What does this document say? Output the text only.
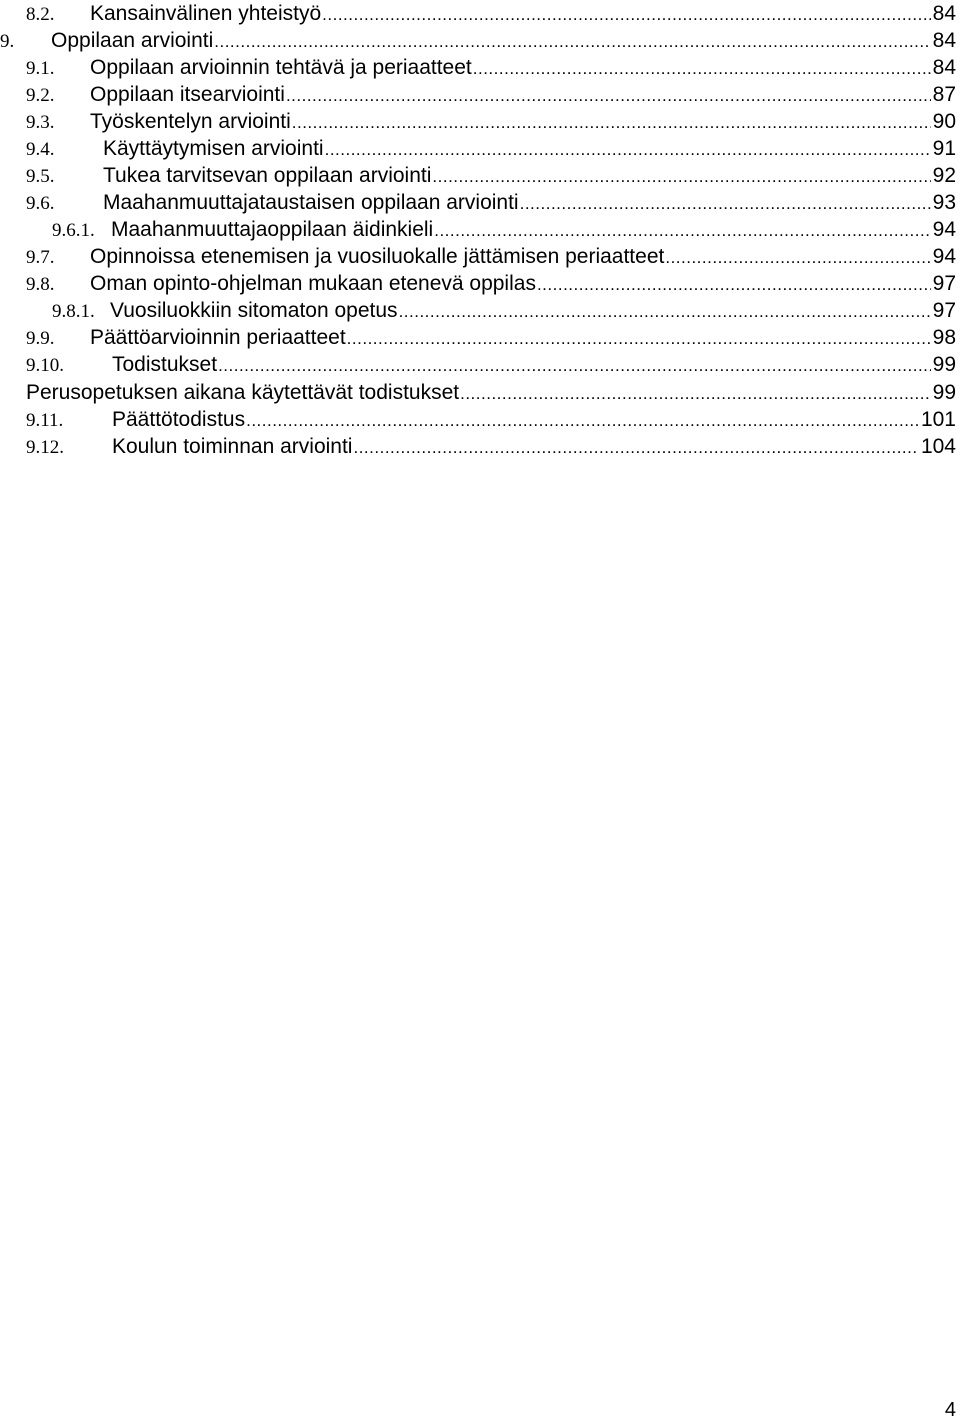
8.2.	Kansainvälinen yhteistyö .....	84
9.	Oppilaan arviointi .....	84
9.1.	Oppilaan arvioinnin tehtävä ja periaatteet .....	84
9.2.	Oppilaan itsearviointi .....	87
9.3.	Työskentelyn arviointi .....	90
9.4.	Käyttäytymisen arviointi .....	91
9.5.	Tukea tarvitsevan oppilaan arviointi .....	92
9.6.	Maahanmuuttajataustaisen oppilaan arviointi .....	93
9.6.1. Maahanmuuttajaoppilaan äidinkieli .....	94
9.7.	Opinnoissa etenemisen ja vuosiluokalle jättämisen periaatteet .....	94
9.8.	Oman opinto-ohjelman mukaan etenevä oppilas .....	97
9.8.1. Vuosiluokkiin sitomaton opetus .....	97
9.9.	Päättöarvioinnin periaatteet .....	98
9.10.	Todistukset .....	99
Perusopetuksen aikana käytettävät todistukset .....	99
9.11.	Päättötodistus .....	101
9.12.	Koulun toiminnan arviointi .....	104
4
